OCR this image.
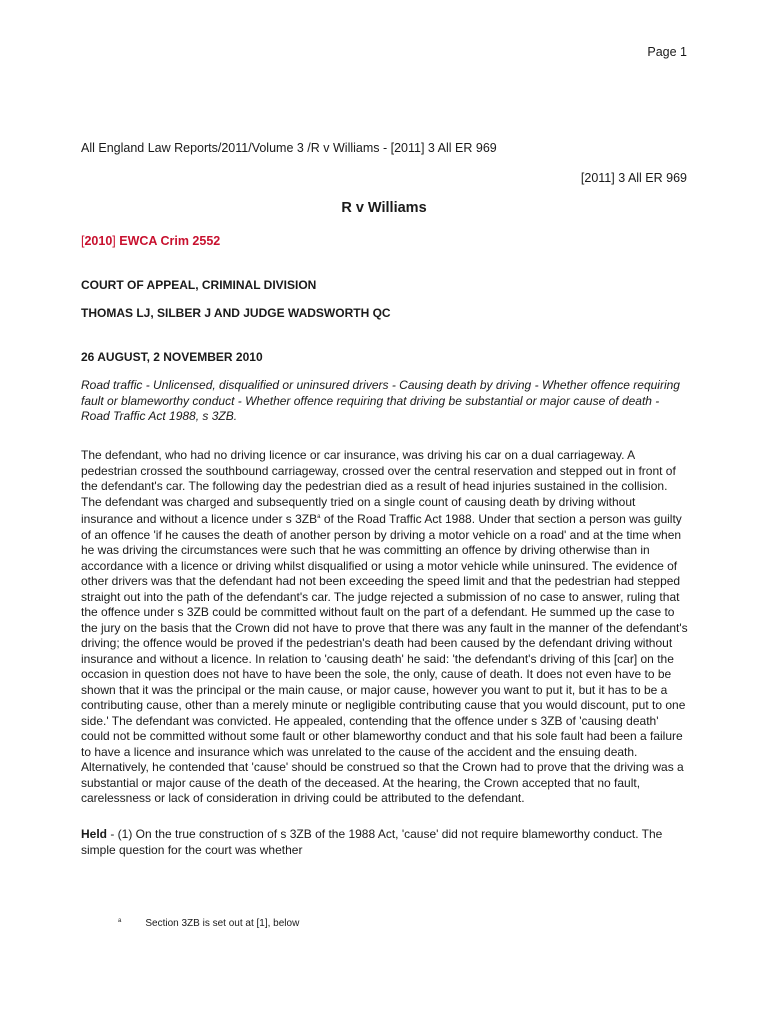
Page 1
All England Law Reports/2011/Volume 3 /R v Williams - [2011] 3 All ER 969
[2011] 3 All ER 969
R v Williams
[2010] EWCA Crim 2552
COURT OF APPEAL, CRIMINAL DIVISION
THOMAS LJ, SILBER J AND JUDGE WADSWORTH QC
26 AUGUST, 2 NOVEMBER 2010
Road traffic - Unlicensed, disqualified or uninsured drivers - Causing death by driving - Whether offence requiring fault or blameworthy conduct - Whether offence requiring that driving be substantial or major cause of death - Road Traffic Act 1988, s 3ZB.
The defendant, who had no driving licence or car insurance, was driving his car on a dual carriageway. A pedestrian crossed the southbound carriageway, crossed over the central reservation and stepped out in front of the defendant's car. The following day the pedestrian died as a result of head injuries sustained in the collision. The defendant was charged and subsequently tried on a single count of causing death by driving without insurance and without a licence under s $3ZB^a$ of the Road Traffic Act 1988. Under that section a person was guilty of an offence 'if he causes the death of another person by driving a motor vehicle on a road' and at the time when he was driving the circumstances were such that he was committing an offence by driving otherwise than in accordance with a licence or driving whilst disqualified or using a motor vehicle while uninsured. The evidence of other drivers was that the defendant had not been exceeding the speed limit and that the pedestrian had stepped straight out into the path of the defendant's car. The judge rejected a submission of no case to answer, ruling that the offence under s 3ZB could be committed without fault on the part of a defendant. He summed up the case to the jury on the basis that the Crown did not have to prove that there was any fault in the manner of the defendant's driving; the offence would be proved if the pedestrian's death had been caused by the defendant driving without insurance and without a licence. In relation to 'causing death' he said: 'the defendant's driving of this [car] on the occasion in question does not have to have been the sole, the only, cause of death. It does not even have to be shown that it was the principal or the main cause, or major cause, however you want to put it, but it has to be a contributing cause, other than a merely minute or negligible contributing cause that you would discount, put to one side.' The defendant was convicted. He appealed, contending that the offence under s 3ZB of 'causing death' could not be committed without some fault or other blameworthy conduct and that his sole fault had been a failure to have a licence and insurance which was unrelated to the cause of the accident and the ensuing death. Alternatively, he contended that 'cause' should be construed so that the Crown had to prove that the driving was a substantial or major cause of the death of the deceased. At the hearing, the Crown accepted that no fault, carelessness or lack of consideration in driving could be attributed to the defendant.
Held - (1) On the true construction of s 3ZB of the 1988 Act, 'cause' did not require blameworthy conduct. The simple question for the court was whether
$^a$ Section 3ZB is set out at [1], below
